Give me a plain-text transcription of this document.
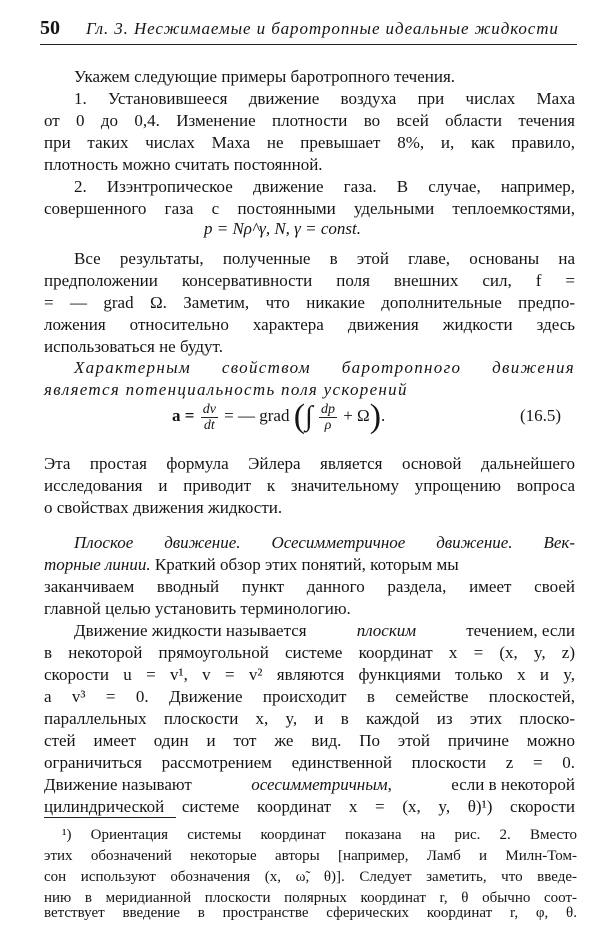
50 Гл. 3. Несжимаемые и баротропные идеальные жидкости
Укажем следующие примеры баротропного течения.
1. Установившееся движение воздуха при числах Маха
от 0 до 0,4. Изменение плотности во всей области течения
при таких числах Маха не превышает 8%, и, как правило,
плотность можно считать постоянной.
2. Изэнтропическое движение газа. В случае, например,
совершенного газа с постоянными удельными теплоемкостями,
p = Nρ^γ, N, γ = const.
Все результаты, полученные в этой главе, основаны на
предположении консервативности поля внешних сил, f =
= — grad Ω. Заметим, что никакие дополнительные предпо-
ложения относительно характера движения жидкости здесь
использоваться не будут.
Характерным свойством баротропного движения
является потенциальность поля ускорений
$a = \frac{dv}{dt}$ = — grad (∫ $\frac{dp}{\rho} + \Omega$).	(16.5)
Эта простая формула Эйлера является основой дальнейшего
исследования и приводит к значительному упрощению вопроса
о свойствах движения жидкости.
Плоское движение. Осесимметричное движение. Век-
торные линии. Краткий обзор этих понятий, которым мы
заканчиваем вводный пункт данного раздела, имеет своей
главной целью установить терминологию.
Движение жидкости называется	плоским	течением, если
в некоторой прямоугольной системе координат x = (x, y, z)
скорости u = v¹, v = v² являются функциями только x и y,
а v³ = 0. Движение происходит в семействе плоскостей,
параллельных плоскости x, y, и в каждой из этих плоско-
стей имеет один и тот же вид. По этой причине можно
ограничиться рассмотрением единственной плоскости z = 0.
Движение называют	осесимметричным,	если в некоторой
цилиндрической системе координат x = (x, y, θ)¹) скорости
¹) Ориентация системы координат показана на рис. 2. Вместо
этих обозначений некоторые авторы [например, Ламб и Милн-Том-
сон используют обозначения (x, ω̃, θ)]. Следует заметить, что введе-
нию в меридианной плоскости полярных координат r, θ обычно соот-
ветствует введение в пространстве сферических координат r, φ, θ.
